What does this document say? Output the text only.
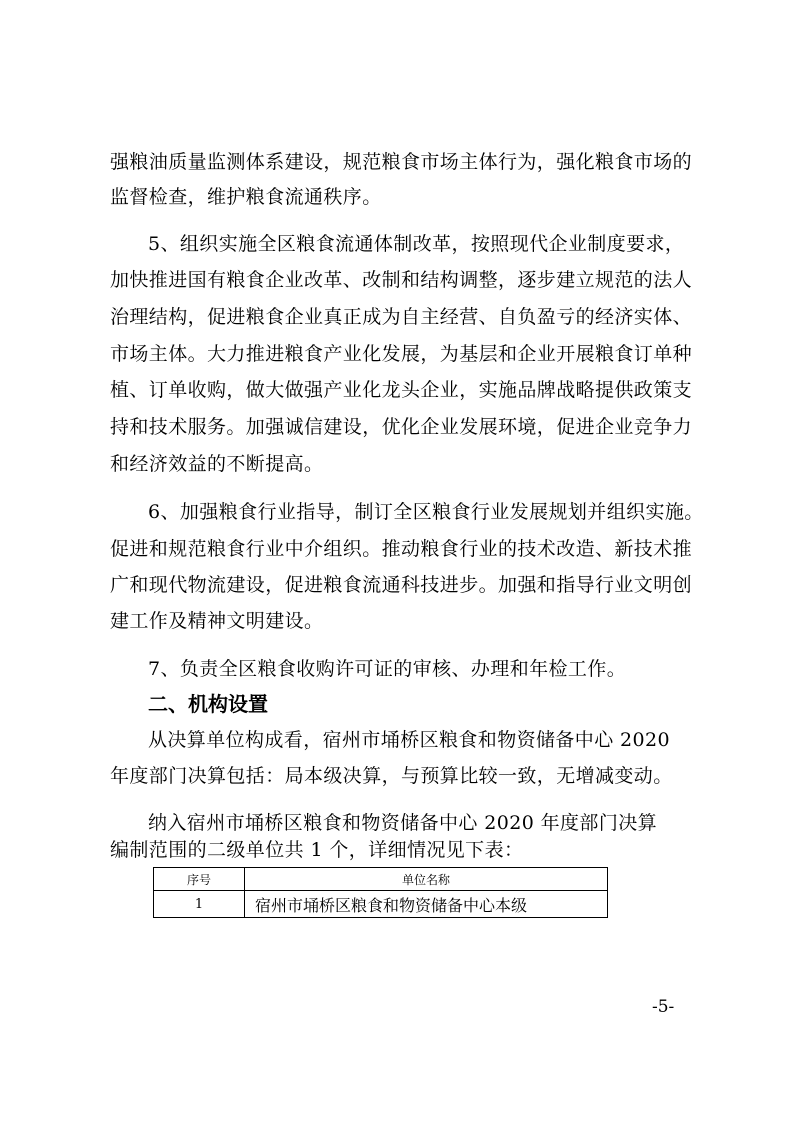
强粮油质量监测体系建设，规范粮食市场主体行为，强化粮食市场的
监督检查，维护粮食流通秩序。
5、组织实施全区粮食流通体制改革，按照现代企业制度要求，
加快推进国有粮食企业改革、改制和结构调整，逐步建立规范的法人
治理结构，促进粮食企业真正成为自主经营、自负盈亏的经济实体、
市场主体。大力推进粮食产业化发展，为基层和企业开展粮食订单种
植、订单收购，做大做强产业化龙头企业，实施品牌战略提供政策支
持和技术服务。加强诚信建设，优化企业发展环境，促进企业竞争力
和经济效益的不断提高。
6、加强粮食行业指导，制订全区粮食行业发展规划并组织实施。
促进和规范粮食行业中介组织。推动粮食行业的技术改造、新技术推
广和现代物流建设，促进粮食流通科技进步。加强和指导行业文明创
建工作及精神文明建设。
7、负责全区粮食收购许可证的审核、办理和年检工作。
二、机构设置
从决算单位构成看，宿州市埇桥区粮食和物资储备中心 2020
年度部门决算包括：局本级决算，与预算比较一致，无增减变动。
纳入宿州市埇桥区粮食和物资储备中心 2020 年度部门决算
编制范围的二级单位共 1 个，详细情况见下表：
序号	单位名称
1	宿州市埇桥区粮食和物资储备中心本级
-5-
